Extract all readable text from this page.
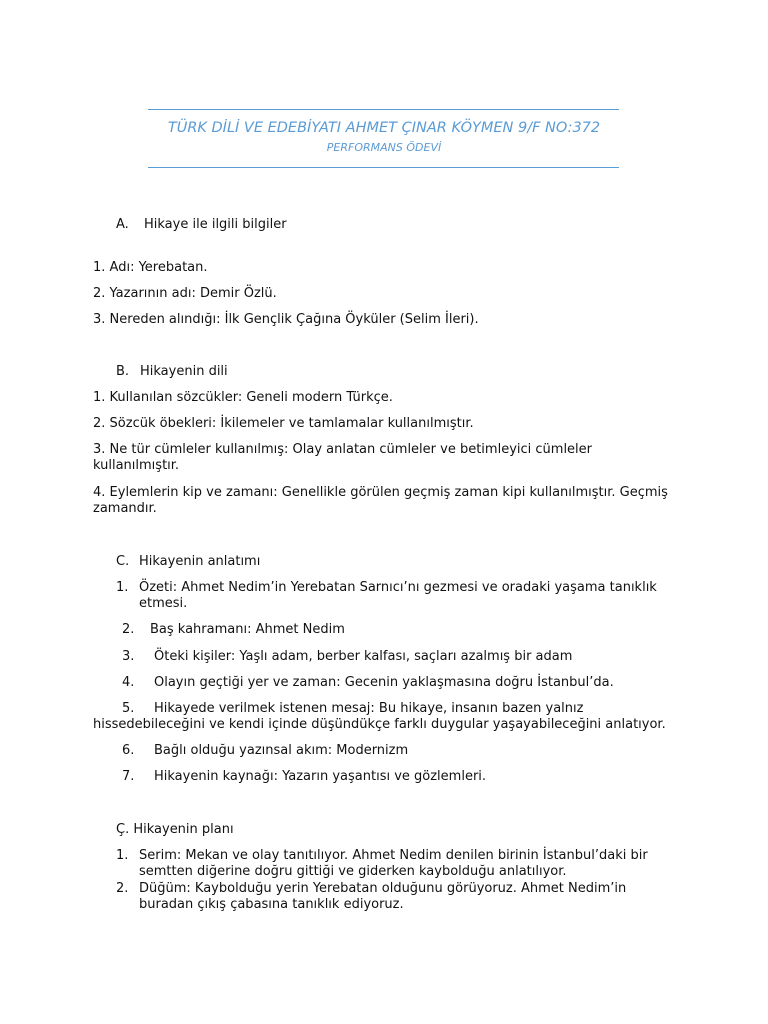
TÜRK DİLİ VE EDEBİYATI AHMET ÇINAR KÖYMEN 9/F NO:372
PERFORMANS ÖDEVİ
A. Hikaye ile ilgili bilgiler
1. Adı: Yerebatan.
2. Yazarının adı: Demir Özlü.
3. Nereden alındığı: İlk Gençlik Çağına Öyküler (Selim İleri).
B. Hikayenin dili
1. Kullanılan sözcükler: Geneli modern Türkçe.
2. Sözcük öbekleri: İkilemeler ve tamlamalar kullanılmıştır.
3. Ne tür cümleler kullanılmış: Olay anlatan cümleler ve betimleyici cümleler
kullanılmıştır.
4. Eylemlerin kip ve zamanı: Genellikle görülen geçmiş zaman kipi kullanılmıştır. Geçmiş
zamandır.
C. Hikayenin anlatımı
1. Özeti: Ahmet Nedim’in Yerebatan Sarnıcı’nı gezmesi ve oradaki yaşama tanıklık
etmesi.
2. Baş kahramanı: Ahmet Nedim
3. Öteki kişiler: Yaşlı adam, berber kalfası, saçları azalmış bir adam
4. Olayın geçtiği yer ve zaman: Gecenin yaklaşmasına doğru İstanbul’da.
5. Hikayede verilmek istenen mesaj: Bu hikaye, insanın bazen yalnız
hissedebileceğini ve kendi içinde düşündükçe farklı duygular yaşayabileceğini anlatıyor.
6. Bağlı olduğu yazınsal akım: Modernizm
7. Hikayenin kaynağı: Yazarın yaşantısı ve gözlemleri.
Ç. Hikayenin planı
1. Serim: Mekan ve olay tanıtılıyor. Ahmet Nedim denilen birinin İstanbul’daki bir
semtten diğerine doğru gittiği ve giderken kaybolduğu anlatılıyor.
2. Düğüm: Kaybolduğu yerin Yerebatan olduğunu görüyoruz. Ahmet Nedim’in
buradan çıkış çabasına tanıklık ediyoruz.
